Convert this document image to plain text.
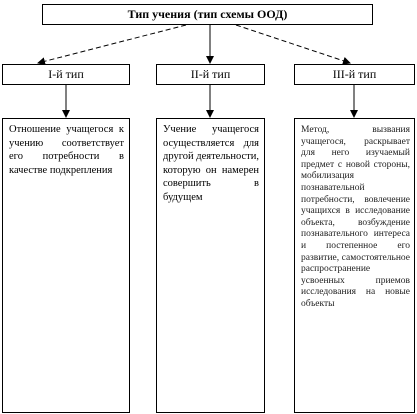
Тип учения (тип схемы ООД)
I-й тип	II-й тип	III-й тип
Отношение учащегося к учению соответствует его потребности в качестве подкрепления
Учение учащегося осуществляется для другой деятельности, которую он намерен совершить в будущем
Метод, вызвания учащегося, раскрывает для него изучаемый предмет с новой стороны, мобилизация познавательной потребности, вовлечение учащихся в исследование объекта, возбуждение познавательного интереса и постепенное его развитие, самостоятельное распространение усвоенных приемов исследования на новые объекты
